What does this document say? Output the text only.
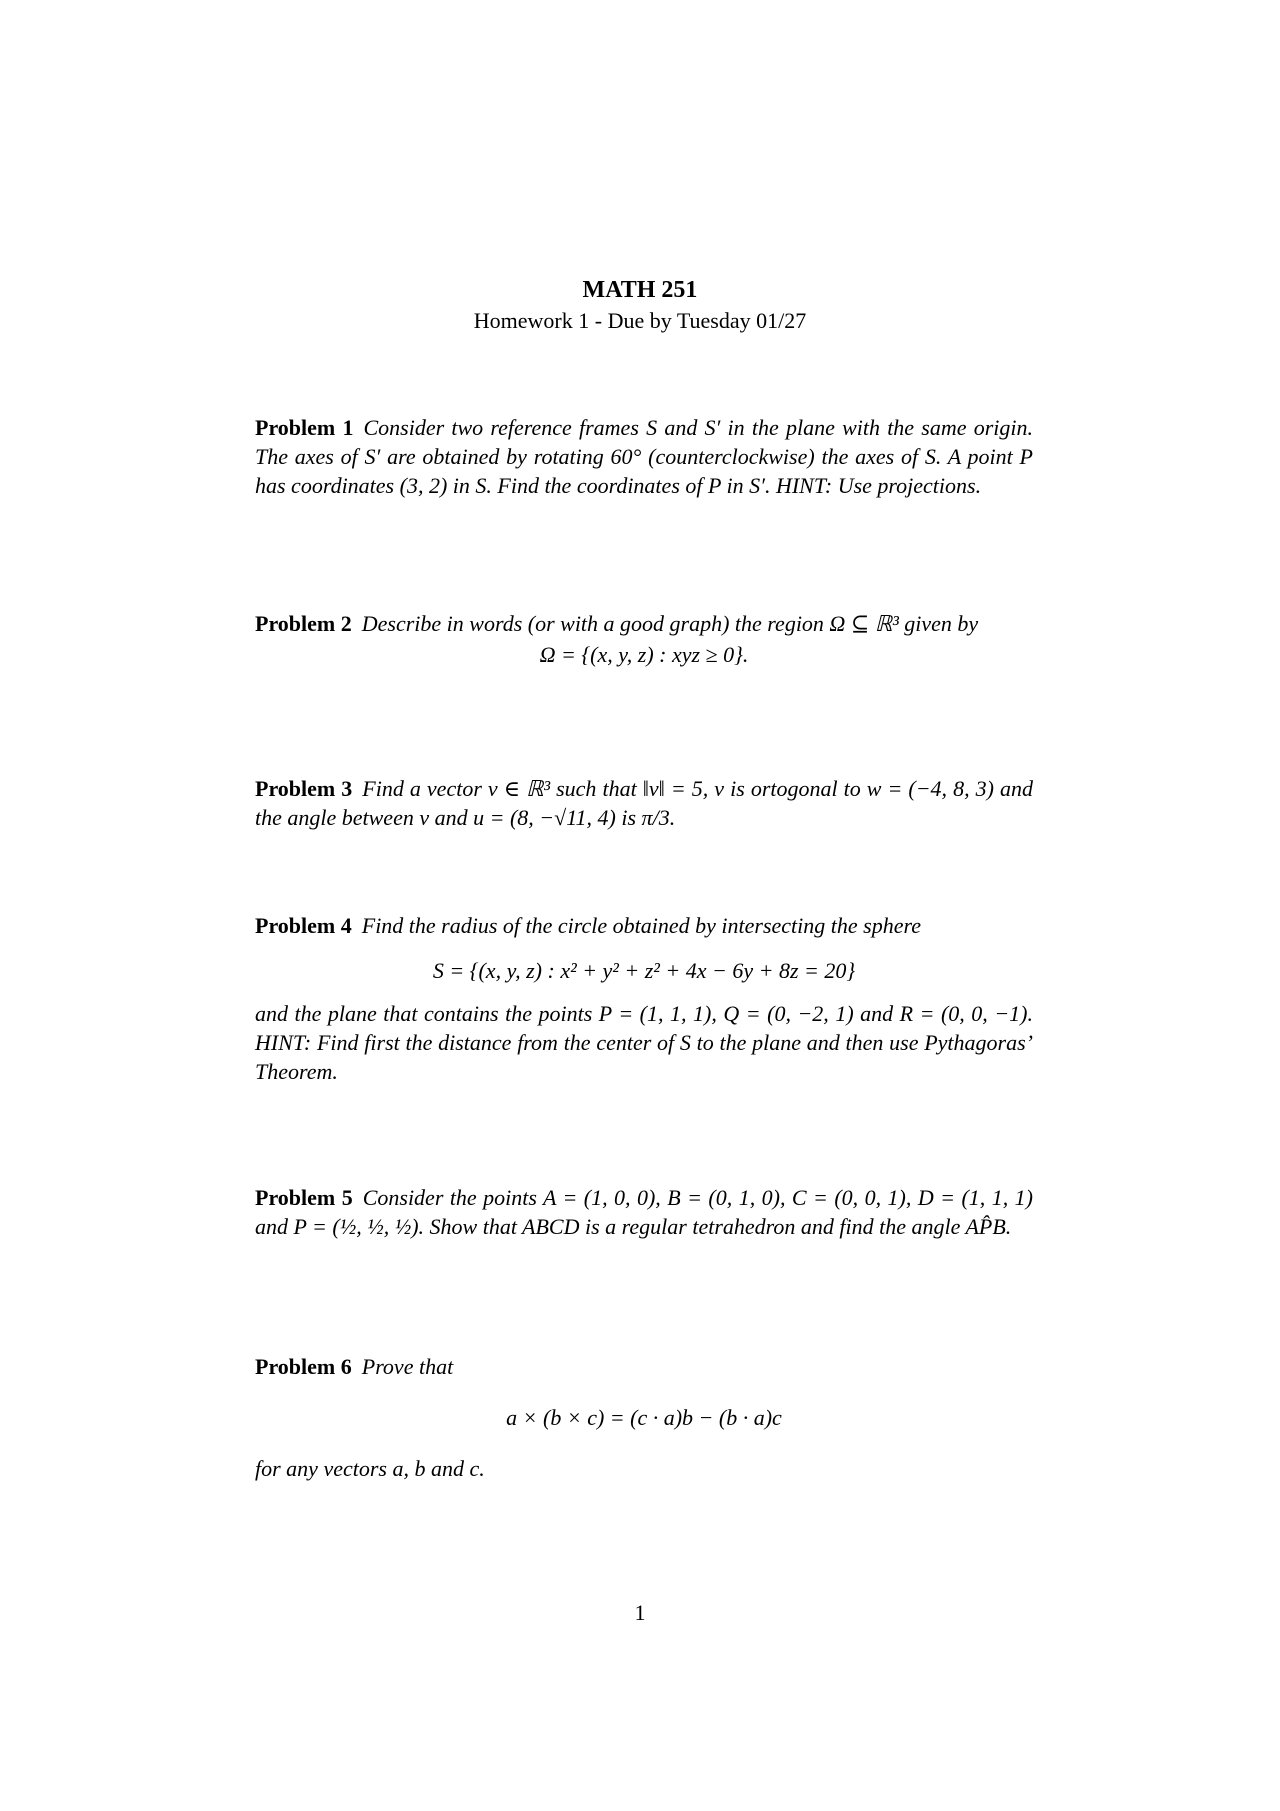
MATH 251
Homework 1 - Due by Tuesday 01/27
Problem 1 Consider two reference frames S and S′ in the plane with the same origin. The axes of S′ are obtained by rotating 60° (counterclockwise) the axes of S. A point P has coordinates (3, 2) in S. Find the coordinates of P in S′. HINT: Use projections.
Problem 2 Describe in words (or with a good graph) the region Ω ⊆ ℝ³ given by
Ω = {(x, y, z) : xyz ≥ 0}.
Problem 3 Find a vector v ∈ ℝ³ such that ‖v‖ = 5, v is ortogonal to w = (−4, 8, 3) and the angle between v and u = (8, −√11, 4) is π/3.
Problem 4 Find the radius of the circle obtained by intersecting the sphere
S = {(x, y, z) : x² + y² + z² + 4x − 6y + 8z = 20}
and the plane that contains the points P = (1, 1, 1), Q = (0, −2, 1) and R = (0, 0, −1). HINT: Find first the distance from the center of S to the plane and then use Pythagoras’ Theorem.
Problem 5 Consider the points A = (1, 0, 0), B = (0, 1, 0), C = (0, 0, 1), D = (1, 1, 1) and P = (½, ½, ½). Show that ABCD is a regular tetrahedron and find the angle AP̂B.
Problem 6 Prove that
a × (b × c) = (c · a)b − (b · a)c
for any vectors a, b and c.
1
